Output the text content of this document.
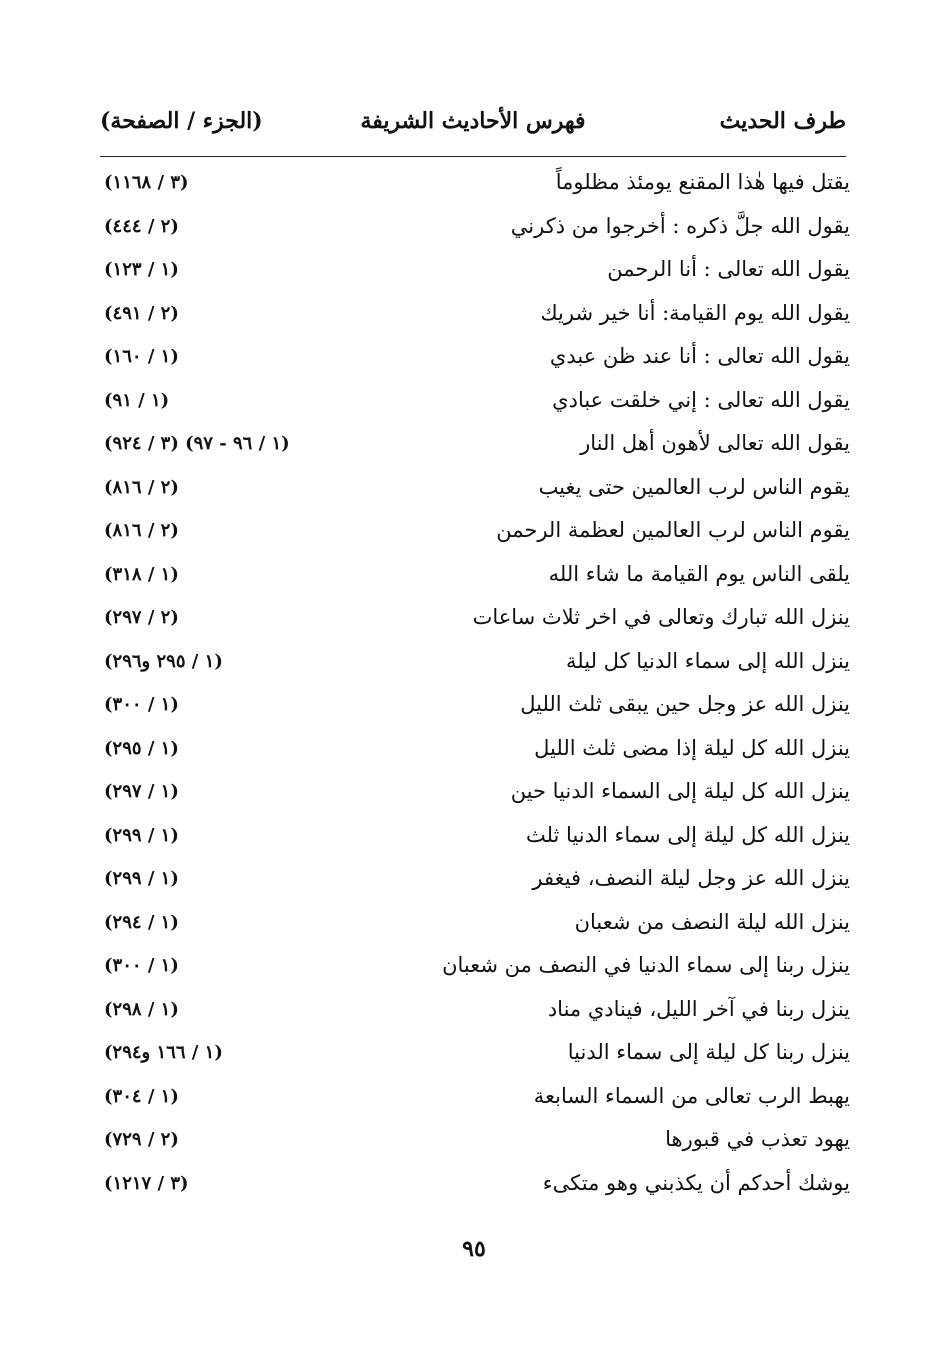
طرف الحديث
فهرس الأحاديث الشريفة
(الجزء / الصفحة)
يقتل فيها هٰذا المقنع يومئذ مظلوماً
(٣ / ١١٦٨)
يقول الله جلَّ ذكره : أخرجوا من ذكرني
(٢ / ٤٤٤)
يقول الله تعالى : أنا الرحمن
(١ / ١٢٣)
يقول الله يوم القيامة: أنا خير شريك
(٢ / ٤٩١)
يقول الله تعالى : أنا عند ظن عبدي
(١ / ١٦٠)
يقول الله تعالى : إني خلقت عبادي
(١ / ٩١)
يقول الله تعالى لأهون أهل النار
(١ / ٩٦ - ٩٧) (٣ / ٩٢٤)
يقوم الناس لرب العالمين حتى يغيب
(٢ / ٨١٦)
يقوم الناس لرب العالمين لعظمة الرحمن
(٢ / ٨١٦)
يلقى الناس يوم القيامة ما شاء الله
(١ / ٣١٨)
ينزل الله تبارك وتعالى في اخر ثلاث ساعات
(٢ / ٢٩٧)
ينزل الله إلى سماء الدنيا كل ليلة
(١ / ٢٩٥ و٢٩٦)
ينزل الله عز وجل حين يبقى ثلث الليل
(١ / ٣٠٠)
ينزل الله كل ليلة إذا مضى ثلث الليل
(١ / ٢٩٥)
ينزل الله كل ليلة إلى السماء الدنيا حين
(١ / ٢٩٧)
ينزل الله كل ليلة إلى سماء الدنيا ثلث
(١ / ٢٩٩)
ينزل الله عز وجل ليلة النصف، فيغفر
(١ / ٢٩٩)
ينزل الله ليلة النصف من شعبان
(١ / ٢٩٤)
ينزل ربنا إلى سماء الدنيا في النصف من شعبان
(١ / ٣٠٠)
ينزل ربنا في آخر الليل، فينادي مناد
(١ / ٢٩٨)
ينزل ربنا كل ليلة إلى سماء الدنيا
(١ / ١٦٦ و٢٩٤)
يهبط الرب تعالى من السماء السابعة
(١ / ٣٠٤)
يهود تعذب في قبورها
(٢ / ٧٢٩)
يوشك أحدكم أن يكذبني وهو متكىء
(٣ / ١٢١٧)
٩٥
